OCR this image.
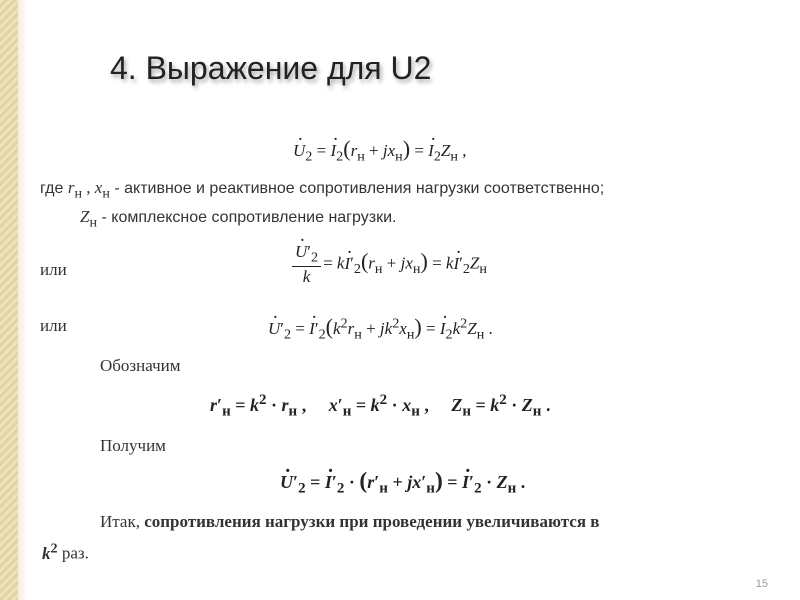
4. Выражение для U2
· $U_2$ = · $I_2(r_н + jx_н)$ = · $I_2Z_н$ ,
где $r_н$ , $x_н$ - активное и реактивное сопротивления нагрузки соответственно;
$Z_н$ - комплексное сопротивление нагрузки.
или	· $\frac{U'_2}{k} = k\cdot I'_2(r_н + jx_н) = k\cdot I'_2Z_н$
или	· $U'_2$ = · $I'_2(k^2r_н + jk^2x_н)$ = · $I_2k^2Z_н$ .
Обозначим
$r'_н = k^2 \cdot r_н$ ,     $x'_н = k^2 \cdot x_н$ ,     $Z_н = k^2 \cdot Z_н$ .
Получим
· $U'_2$ = · $I'_2 \cdot (r'_н + jx'_н)$ = · $I'_2 \cdot Z_н$ .
Итак, сопротивления нагрузки при проведении увеличиваются в
$k^2$ раз.
15
